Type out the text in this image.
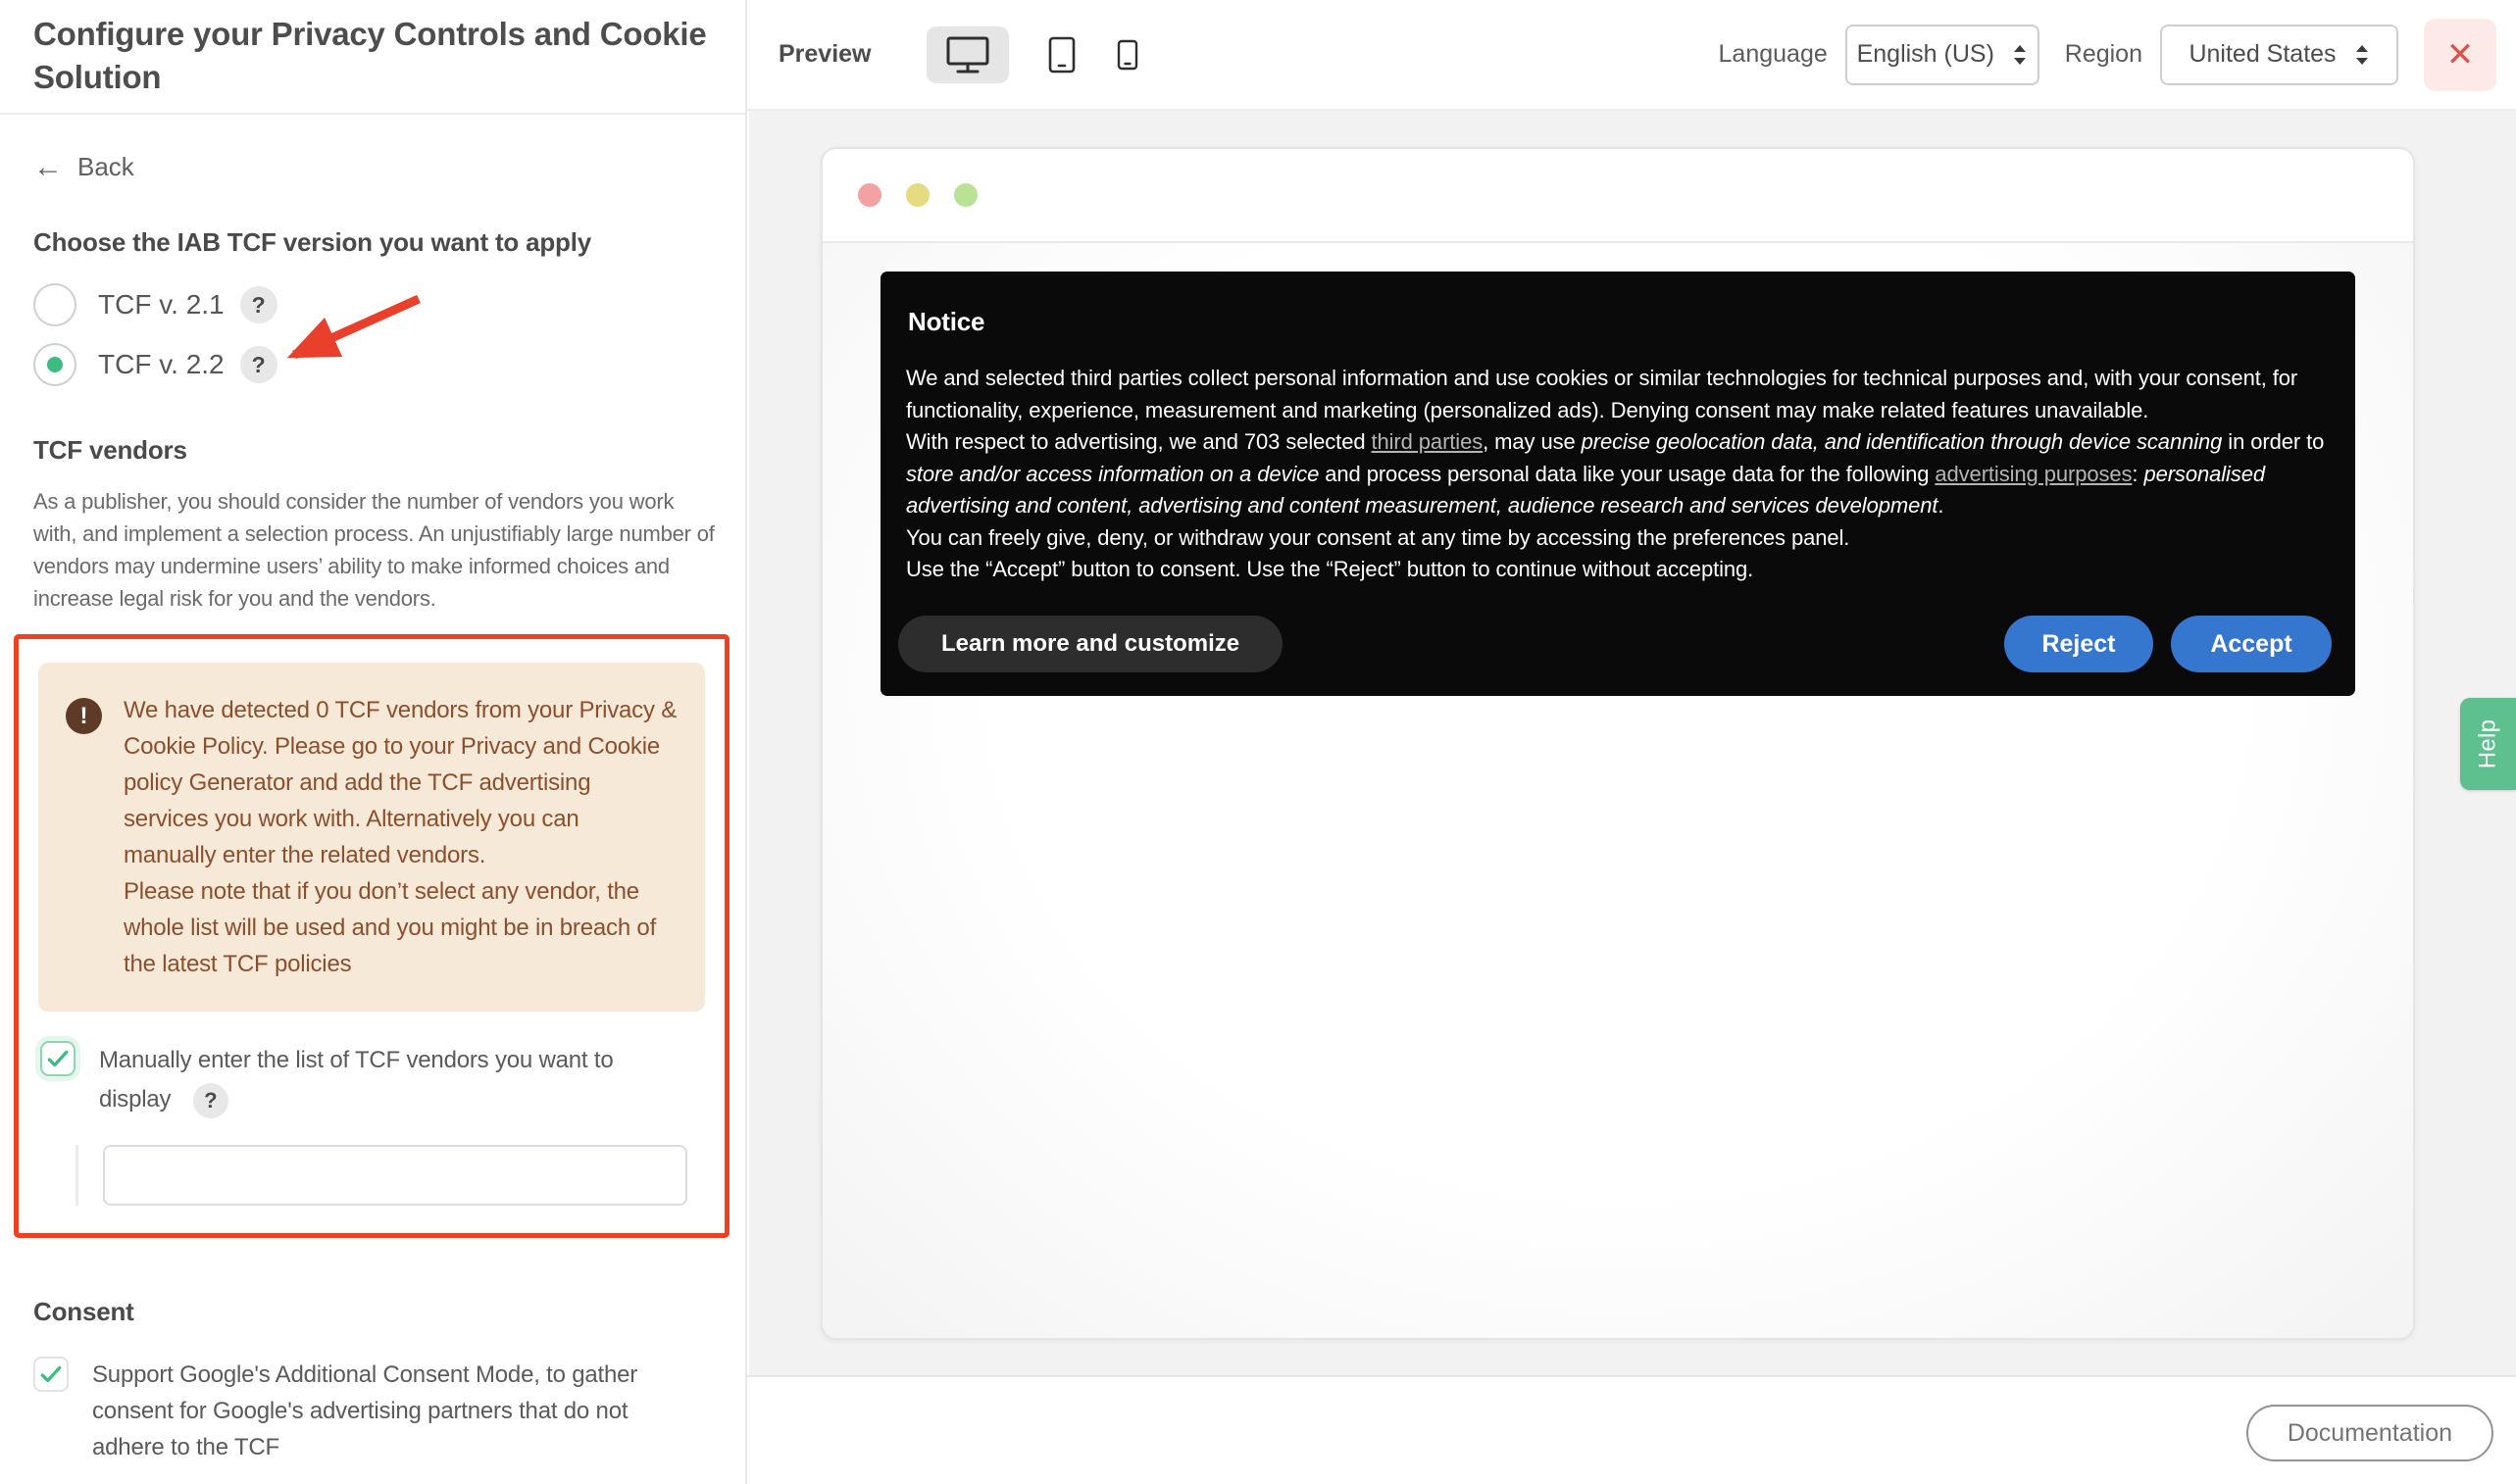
Configure your Privacy Controls and Cookie Solution
← Back
Choose the IAB TCF version you want to apply
TCF v. 2.1	?
TCF v. 2.2	?
TCF vendors

As a publisher, you should consider the number of vendors you work with, and implement a selection process. An unjustifiably large number of vendors may undermine users’ ability to make informed choices and increase legal risk for you and the vendors.

!	We have detected 0 TCF vendors from your Privacy & Cookie Policy. Please go to your Privacy and Cookie policy Generator and add the TCF advertising services you work with. Alternatively you can manually enter the related vendors.

Please note that if you don’t select any vendor, the whole list will be used and you might be in breach of the latest TCF policies

Manually enter the list of TCF vendors you want to display ?
Consent
Support Google's Additional Consent Mode, to gather consent for Google's advertising partners that do not adhere to the TCF
Preview	Language English (US)	Region United States	✕
Notice

We and selected third parties collect personal information and use cookies or similar technologies for technical purposes and, with your consent, for functionality, experience, measurement and marketing (personalized ads). Denying consent may make related features unavailable.

With respect to advertising, we and 703 selected third parties, may use precise geolocation data, and identification through device scanning in order to store and/or access information on a device and process personal data like your usage data for the following advertising purposes: personalised advertising and content, advertising and content measurement, audience research and services development.

You can freely give, deny, or withdraw your consent at any time by accessing the preferences panel.

Use the “Accept” button to consent. Use the “Reject” button to continue without accepting.

Learn more and customize	Reject	Accept
Help
Documentation
